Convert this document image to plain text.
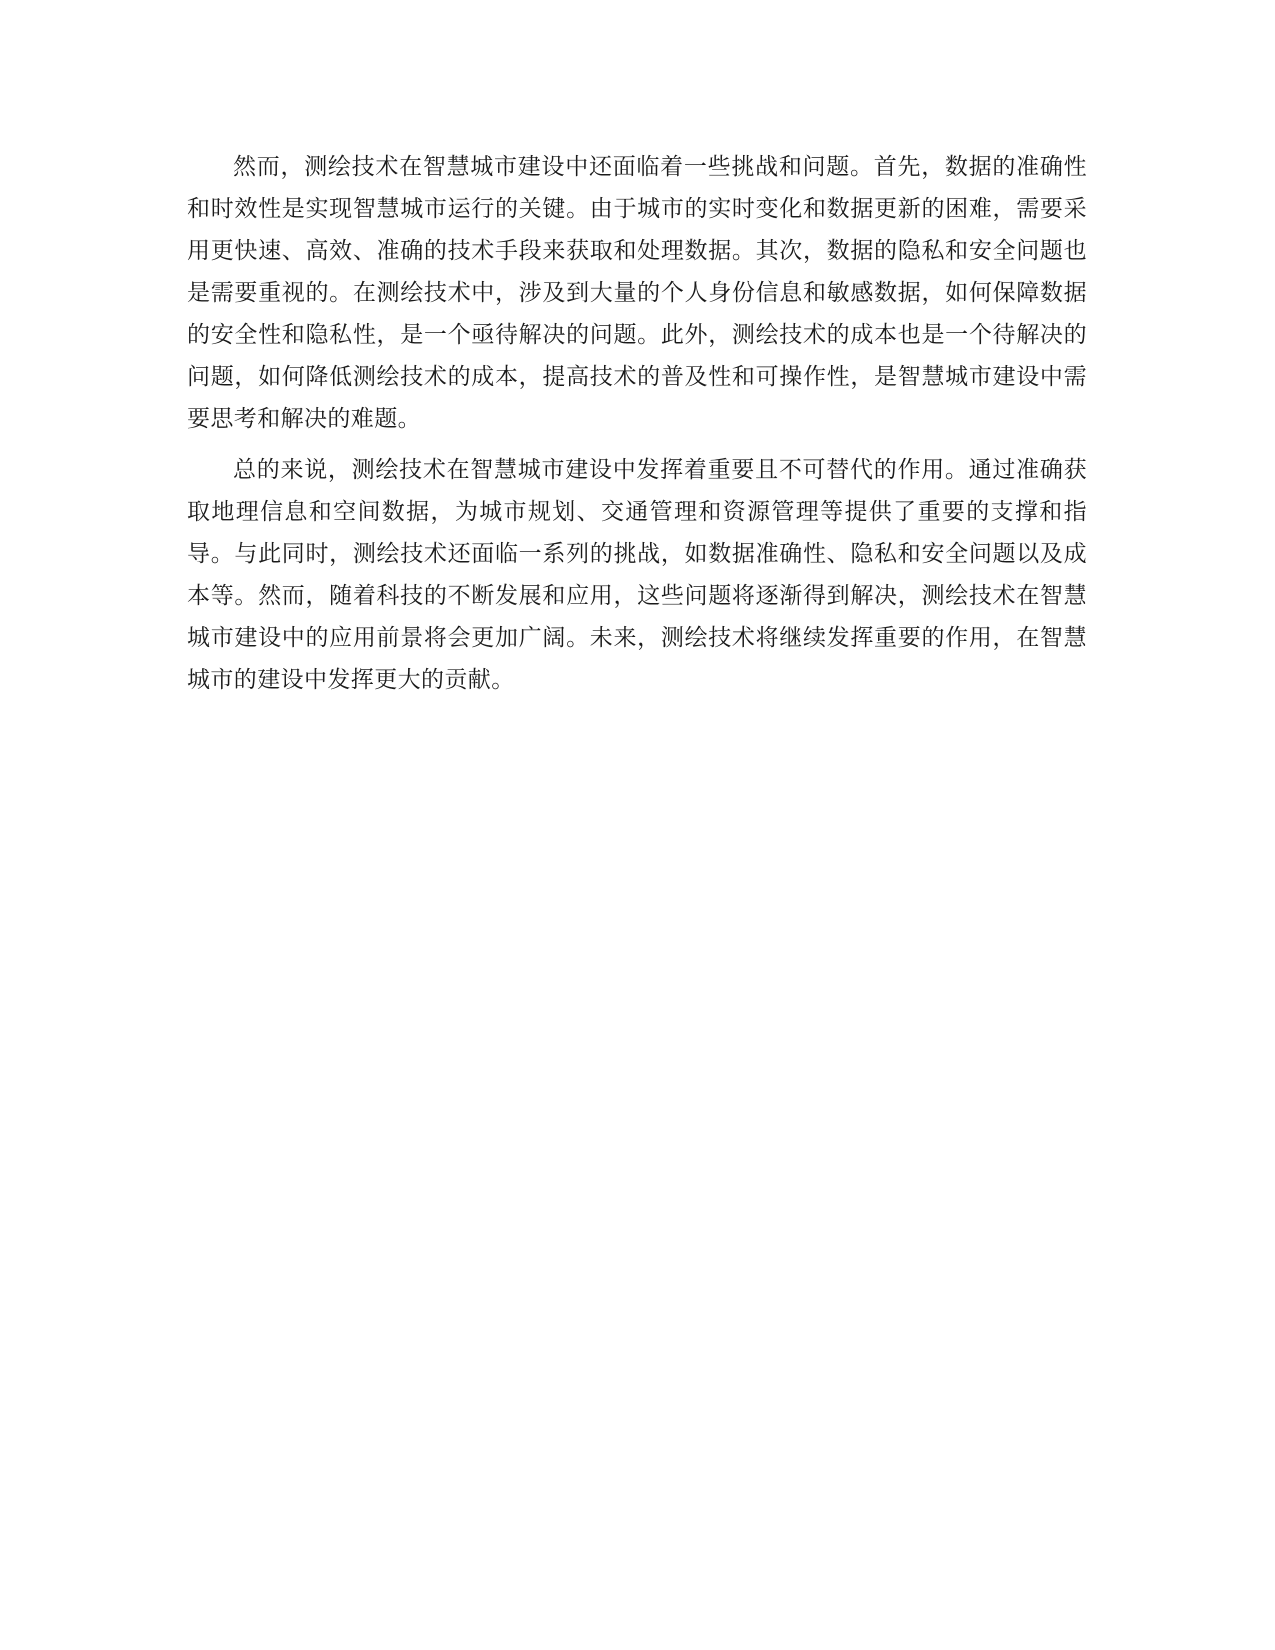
然而，测绘技术在智慧城市建设中还面临着一些挑战和问题。首先，数据的准确性和时效性是实现智慧城市运行的关键。由于城市的实时变化和数据更新的困难，需要采用更快速、高效、准确的技术手段来获取和处理数据。其次，数据的隐私和安全问题也是需要重视的。在测绘技术中，涉及到大量的个人身份信息和敏感数据，如何保障数据的安全性和隐私性，是一个亟待解决的问题。此外，测绘技术的成本也是一个待解决的问题，如何降低测绘技术的成本，提高技术的普及性和可操作性，是智慧城市建设中需要思考和解决的难题。

总的来说，测绘技术在智慧城市建设中发挥着重要且不可替代的作用。通过准确获取地理信息和空间数据，为城市规划、交通管理和资源管理等提供了重要的支撑和指导。与此同时，测绘技术还面临一系列的挑战，如数据准确性、隐私和安全问题以及成本等。然而，随着科技的不断发展和应用，这些问题将逐渐得到解决，测绘技术在智慧城市建设中的应用前景将会更加广阔。未来，测绘技术将继续发挥重要的作用，在智慧城市的建设中发挥更大的贡献。
